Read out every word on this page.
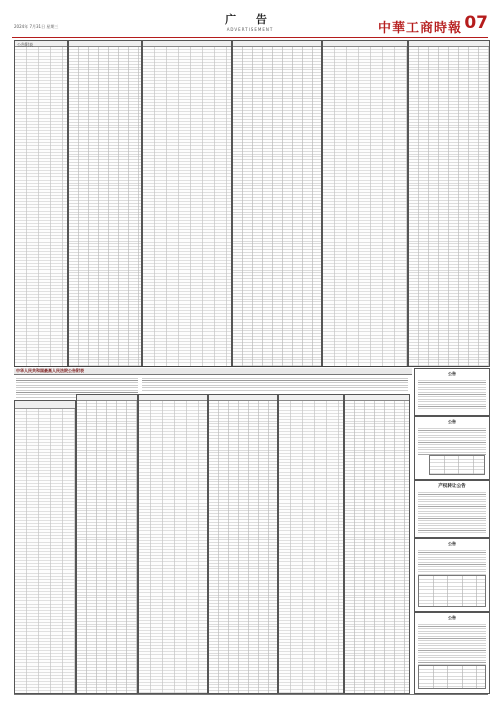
2024年 7月31日 星期三
广 告
ADVERTISEMENT	中華工商時報 07
公告附表
中华人民共和国最高人民法院公告附表
公告
公告
产权转让公告
公告
公告
